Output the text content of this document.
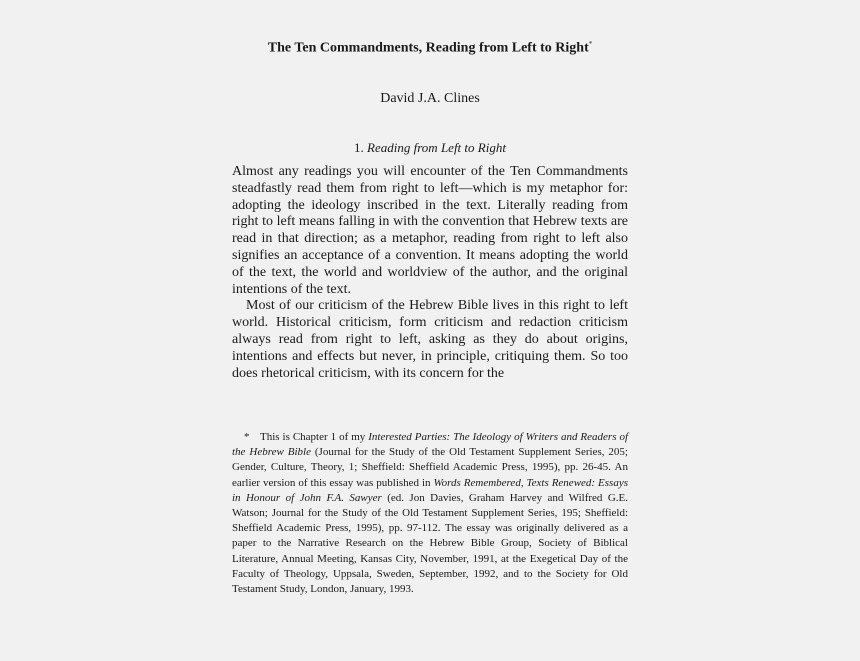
The Ten Commandments, Reading from Left to Right*
David J.A. Clines
1. Reading from Left to Right

Almost any readings you will encounter of the Ten Commandments steadfastly read them from right to left—which is my metaphor for: adopting the ideology inscribed in the text. Literally reading from right to left means falling in with the convention that Hebrew texts are read in that direction; as a metaphor, reading from right to left also signifies an acceptance of a convention. It means adopting the world of the text, the world and worldview of the author, and the original intentions of the text.

Most of our criticism of the Hebrew Bible lives in this right to left world. Historical criticism, form criticism and redaction criticism always read from right to left, asking as they do about origins, intentions and effects but never, in principle, critiquing them. So too does rhetorical criticism, with its concern for the

* This is Chapter 1 of my Interested Parties: The Ideology of Writers and Readers of the Hebrew Bible (Journal for the Study of the Old Testament Supplement Series, 205; Gender, Culture, Theory, 1; Sheffield: Sheffield Academic Press, 1995), pp. 26-45. An earlier version of this essay was published in Words Remembered, Texts Renewed: Essays in Honour of John F.A. Sawyer (ed. Jon Davies, Graham Harvey and Wilfred G.E. Watson; Journal for the Study of the Old Testament Supplement Series, 195; Sheffield: Sheffield Academic Press, 1995), pp. 97-112. The essay was originally delivered as a paper to the Narrative Research on the Hebrew Bible Group, Society of Biblical Literature, Annual Meeting, Kansas City, November, 1991, at the Exegetical Day of the Faculty of Theology, Uppsala, Sweden, September, 1992, and to the Society for Old Testament Study, London, January, 1993.
